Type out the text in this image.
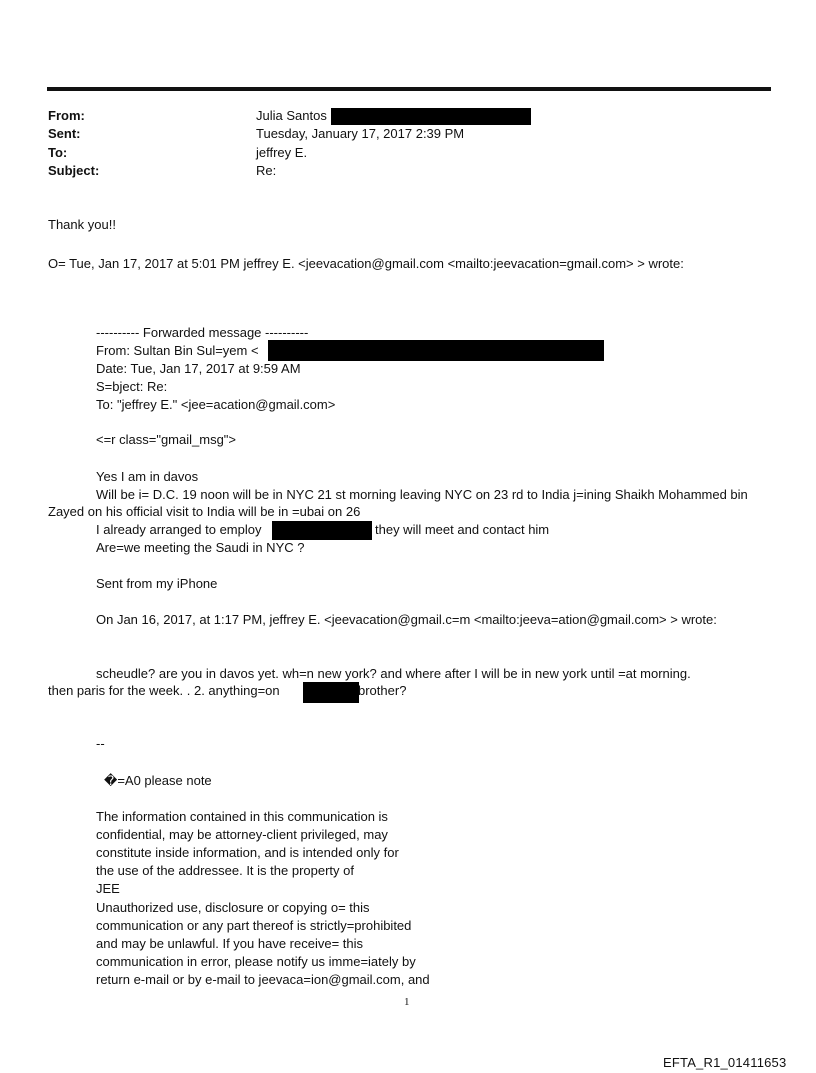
From:	Julia Santos
Sent:	Tuesday, January 17, 2017 2:39 PM
To:	jeffrey E.
Subject:	Re:
Thank you!!
O= Tue, Jan 17, 2017 at 5:01 PM jeffrey E. <jeevacation@gmail.com <mailto:jeevacation=gmail.com> > wrote:
---------- Forwarded message ----------
From: Sultan Bin Sul=yem <
Date: Tue, Jan 17, 2017 at 9:59 AM
S=bject: Re:
To: "jeffrey E." <jee=acation@gmail.com>
<=r class="gmail_msg">
Yes I am in davos
Will be i= D.C. 19 noon will be in NYC 21 st morning leaving NYC on 23 rd to India j=ining Shaikh Mohammed bin
Zayed on his official visit to India will be in =ubai on 26
I already arranged to employ	they will meet and contact him
Are=we meeting the Saudi in NYC ?
Sent from my iPhone
On Jan 16, 2017, at 1:17 PM, jeffrey E. <jeevacation@gmail.c=m <mailto:jeeva=ation@gmail.com> > wrote:
scheudle? are you in davos yet. wh=n new york? and where after I will be in new york until =at morning.
then paris for the week. . 2. anything=on	brother?
--
�=A0 please note
The information contained in this communication is
confidential, may be attorney-client privileged, may
constitute inside information, and is intended only for
the use of the addressee. It is the property of
JEE
Unauthorized use, disclosure or copying o= this
communication or any part thereof is strictly=prohibited
and may be unlawful. If you have receive= this
communication in error, please notify us imme=iately by
return e-mail or by e-mail to jeevaca=ion@gmail.com, and
1
EFTA_R1_01411653
